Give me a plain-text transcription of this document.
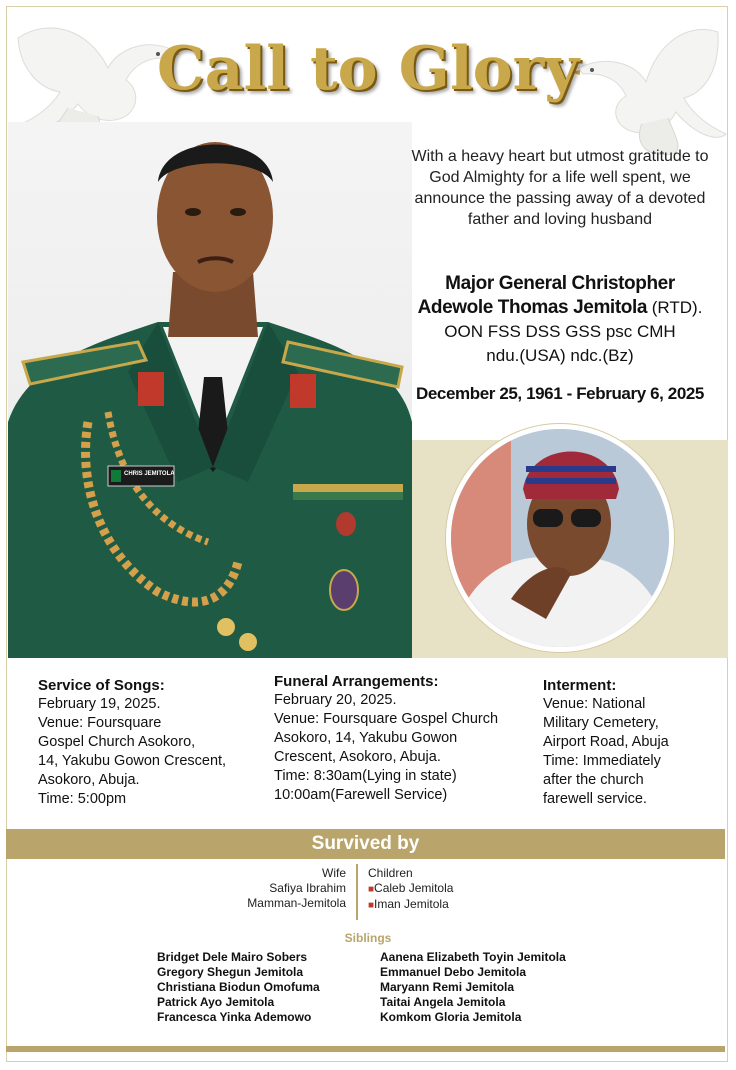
Call to Glory
CHRIS JEMITOLA
With a heavy heart but utmost gratitude to God Almighty for a life well spent, we announce the passing away of a devoted father and loving husband
Major General Christopher
Adewole Thomas Jemitola (RTD).
OON FSS DSS GSS psc CMH
ndu.(USA) ndc.(Bz)
December 25, 1961 - February 6, 2025
Service of Songs:
February 19, 2025.
Venue: Foursquare
Gospel Church Asokoro,
14, Yakubu Gowon Crescent,
Asokoro, Abuja.
Time: 5:00pm
Funeral Arrangements:
February 20, 2025.
Venue: Foursquare Gospel Church
Asokoro, 14, Yakubu Gowon
Crescent, Asokoro, Abuja.
Time: 8:30am(Lying in state)
10:00am(Farewell Service)
Interment:
Venue: National
Military Cemetery,
Airport Road, Abuja
Time: Immediately
after the church
farewell service.
Survived by
Wife
Safiya Ibrahim
Mamman-Jemitola
Children
■Caleb Jemitola
■Iman Jemitola
Siblings
Bridget Dele Mairo Sobers
Gregory Shegun Jemitola
Christiana Biodun Omofuma
Patrick Ayo Jemitola
Francesca Yinka Ademowo
Aanena Elizabeth Toyin Jemitola
Emmanuel Debo Jemitola
Maryann Remi Jemitola
Taitai Angela Jemitola
Komkom Gloria Jemitola
